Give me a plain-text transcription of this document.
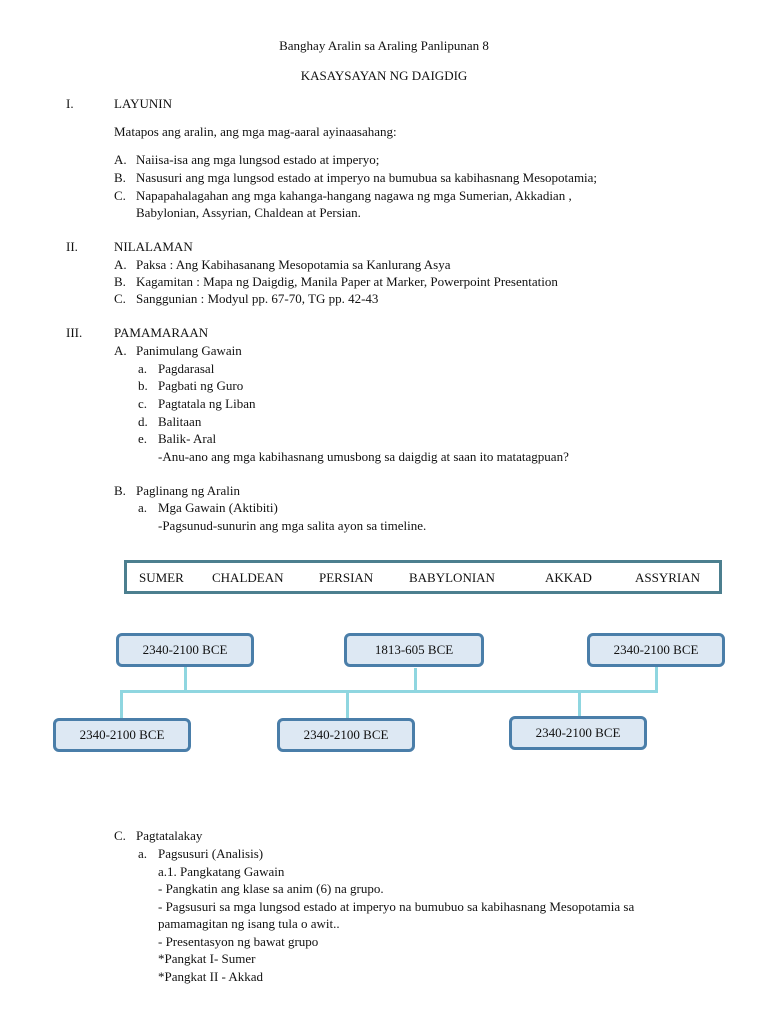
Banghay Aralin sa Araling Panlipunan 8
KASAYSAYAN NG DAIGDIG
I.	LAYUNIN
Matapos ang aralin, ang mga mag-aaral ayinaasahang:
A. Naiisa-isa ang mga lungsod estado at imperyo;
B. Nasusuri ang mga lungsod estado at imperyo na bumubua sa kabihasnang Mesopotamia;
C. Napapahalagahan ang mga kahanga-hangang nagawa ng mga Sumerian, Akkadian ,
Babylonian, Assyrian, Chaldean at Persian.
II.	NILALAMAN
A. Paksa : Ang Kabihasanang Mesopotamia sa Kanlurang Asya
B. Kagamitan : Mapa ng Daigdig, Manila Paper at Marker, Powerpoint Presentation
C. Sanggunian : Modyul pp. 67-70, TG pp. 42-43
III. PAMAMARAAN
A. Panimulang Gawain
a. Pagdarasal
b. Pagbati ng Guro
c. Pagtatala ng Liban
d. Balitaan
e. Balik- Aral
-Anu-ano ang mga kabihasnang umusbong sa daigdig at saan ito matatagpuan?
B. Paglinang ng Aralin
a. Mga Gawain (Aktibiti)
-Pagsunud-sunurin ang mga salita ayon sa timeline.
SUMER CHALDEAN	PERSIAN	BABYLONIAN	AKKAD	ASSYRIAN
2340-2100 BCE	1813-605 BCE	2340-2100 BCE
2340-2100 BCE	2340-2100 BCE	2340-2100 BCE
C. Pagtatalakay
a. Pagsusuri (Analisis)
a.1. Pangkatang Gawain
- Pangkatin ang klase sa anim (6) na grupo.
- Pagsusuri sa mga lungsod estado at imperyo na bumubuo sa kabihasnang Mesopotamia sa
pamamagitan ng isang tula o awit..
- Presentasyon ng bawat grupo
*Pangkat I- Sumer
*Pangkat II - Akkad
